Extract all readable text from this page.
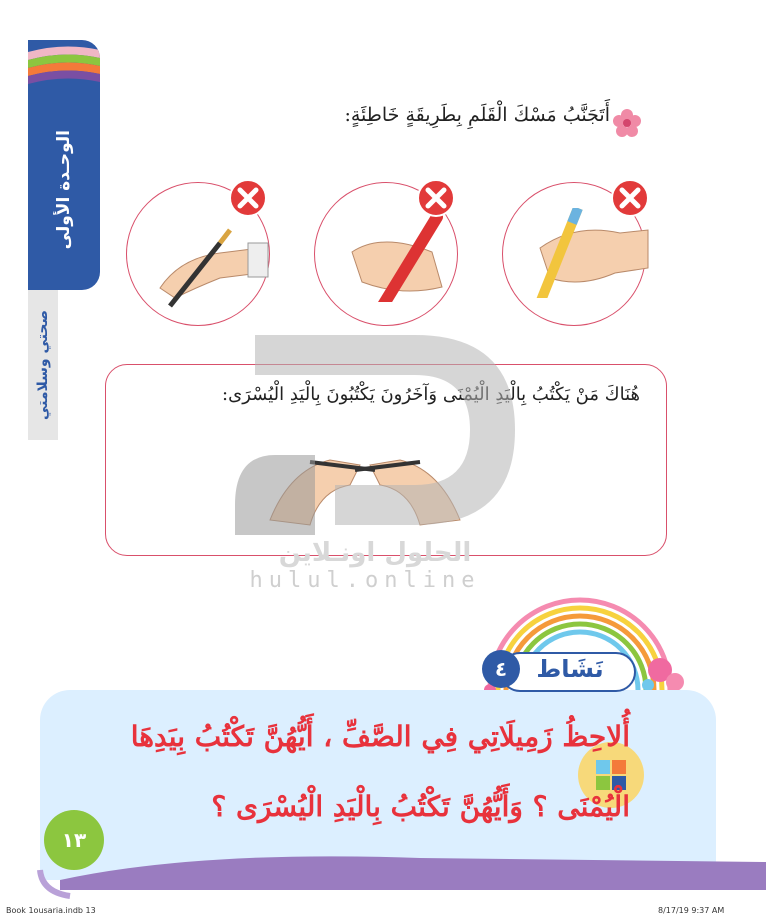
الوحـدة الأولى
صحتي وسلامتي
أَتَجَنَّبُ مَسْكَ الْقَلَمِ بِطَرِيقَةٍ خَاطِئَةٍ:
هُنَاكَ مَنْ يَكْتُبُ بِالْيَدِ الْيُمْنَى وَآخَرُونَ يَكْتُبُونَ بِالْيَدِ الْيُسْرَى:
الحلول اونـلاين
hulul.online
نَشَاط
٤
أُلاحِظُ زَمِيلَاتِي فِي الصَّفِّ ، أَيُّهُنَّ تَكْتُبُ بِيَدِهَا
الْيُمْنَى ؟ وَأَيُّهُنَّ تَكْتُبُ بِالْيَدِ الْيُسْرَى ؟
١٣
Book 1ousaria.indb 13	8/17/19 9:37 AM
